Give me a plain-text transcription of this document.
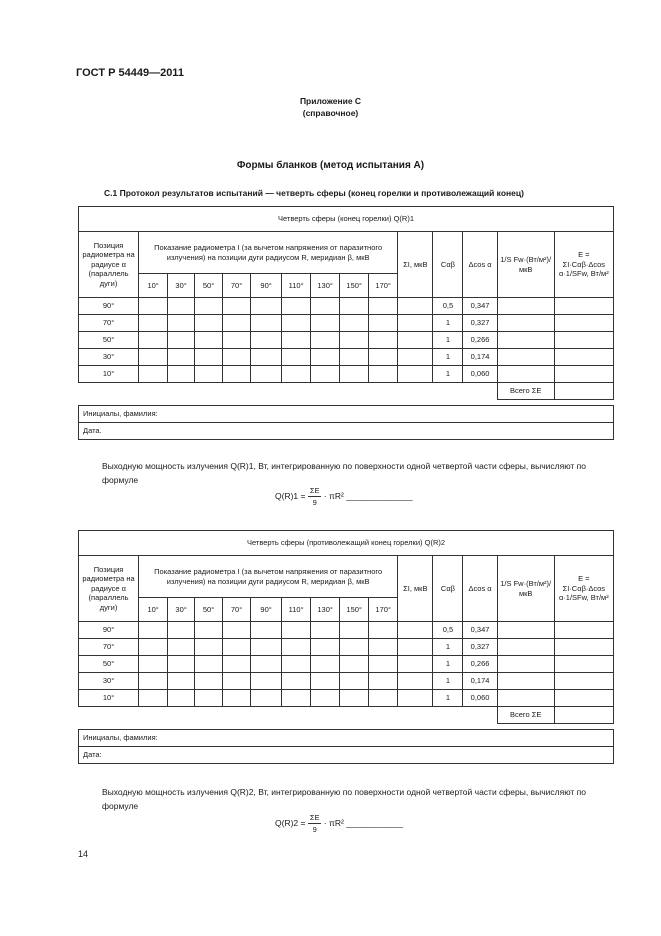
ГОСТ Р 54449—2011
Приложение С
(справочное)
Формы бланков (метод испытания А)
С.1 Протокол результатов испытаний — четверть сферы (конец горелки и противолежащий конец)
Четверть сферы (конец горелки) Q(R)1														
Позиция радиометра на радиусе α (параллель дуги)	Показание радиометра I (за вычетом напряжения от паразитного излучения) на позиции дуги радиусом R, меридиан β, мкВ									ΣI, мкВ	Cαβ	Δcos α	1/S Fw·(Вт/м²)/мкВ	E = ΣI·Cαβ·Δcos α·1/SFw, Вт/м²
	10°	30°	50°	70°	90°	110°	130°	150°	170°					
90°											0,5	0,347		
70°											1	0,327		
50°											1	0,266		
30°											1	0,174		
10°											1	0,060		
													Всего ΣE	

Инициалы, фамилия:														
Дата.														
Выходную мощность излучения Q(R)1, Вт, интегрированную по поверхности одной четвертой части сферы, вычисляют по формуле
$Q(R)1 = \frac{\Sigma E}{9} \cdot \pi R^2$ ______________
Четверть сферы (противолежащий конец горелки) Q(R)2														
Позиция радиометра на радиусе α (параллель дуги)	Показание радиометра I (за вычетом напряжения от паразитного излучения) на позиции дуги радиусом R, меридиан β, мкВ									ΣI, мкВ	Cαβ	Δcos α	1/S Fw·(Вт/м²)/мкВ	E = ΣI·Cαβ·Δcos α·1/SFw, Вт/м²
	10°	30°	50°	70°	90°	110°	130°	150°	170°					
90°											0,5	0,347		
70°											1	0,327		
50°											1	0,266		
30°											1	0,174		
10°											1	0,060		
													Всего ΣE	

Инициалы, фамилия:														
Дата:														
Выходную мощность излучения Q(R)2, Вт, интегрированную по поверхности одной четвертой части сферы, вычисляют по формуле
$Q(R)2 = \frac{\Sigma E}{9} \cdot \pi R^2$ ____________
14
